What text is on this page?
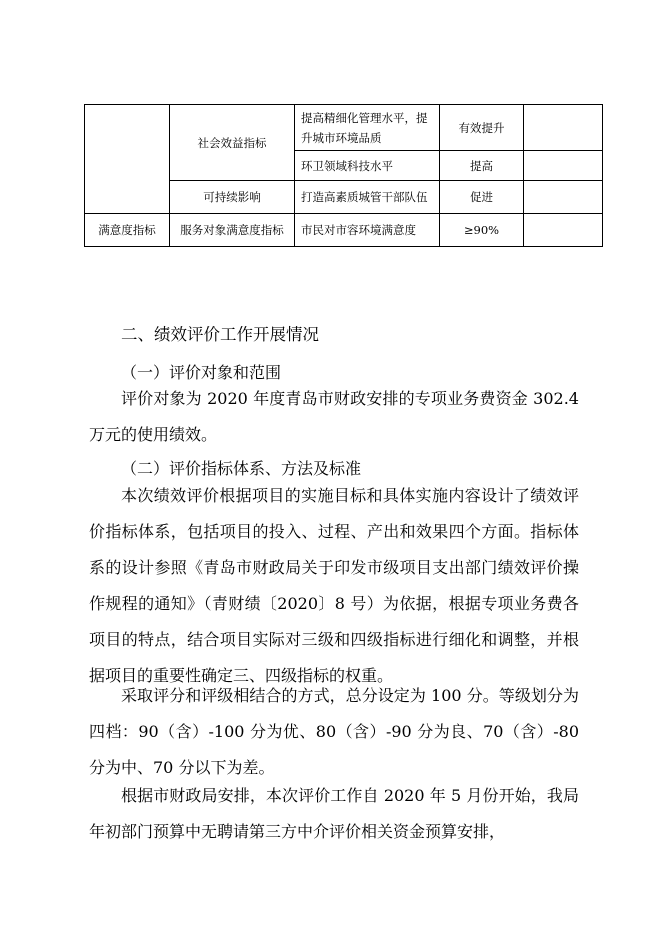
	社会效益指标	提高精细化管理水平，提升城市环境品质	有效提升	
		环卫领域科技水平	提高	
	可持续影响	打造高素质城管干部队伍	促进	
满意度指标	服务对象满意度指标	市民对市容环境满意度	≥90%	
二、绩效评价工作开展情况
（一）评价对象和范围
评价对象为 2020 年度青岛市财政安排的专项业务费资金 302.4 万元的使用绩效。
（二）评价指标体系、方法及标准
本次绩效评价根据项目的实施目标和具体实施内容设计了绩效评价指标体系，包括项目的投入、过程、产出和效果四个方面。指标体系的设计参照《青岛市财政局关于印发市级项目支出部门绩效评价操作规程的通知》（青财绩〔2020〕8 号）为依据，根据专项业务费各项目的特点，结合项目实际对三级和四级指标进行细化和调整，并根据项目的重要性确定三、四级指标的权重。
采取评分和评级相结合的方式，总分设定为 100 分。等级划分为四档：90（含）-100 分为优、80（含）-90 分为良、70（含）-80 分为中、70 分以下为差。
根据市财政局安排，本次评价工作自 2020 年 5 月份开始，我局年初部门预算中无聘请第三方中介评价相关资金预算安排，
